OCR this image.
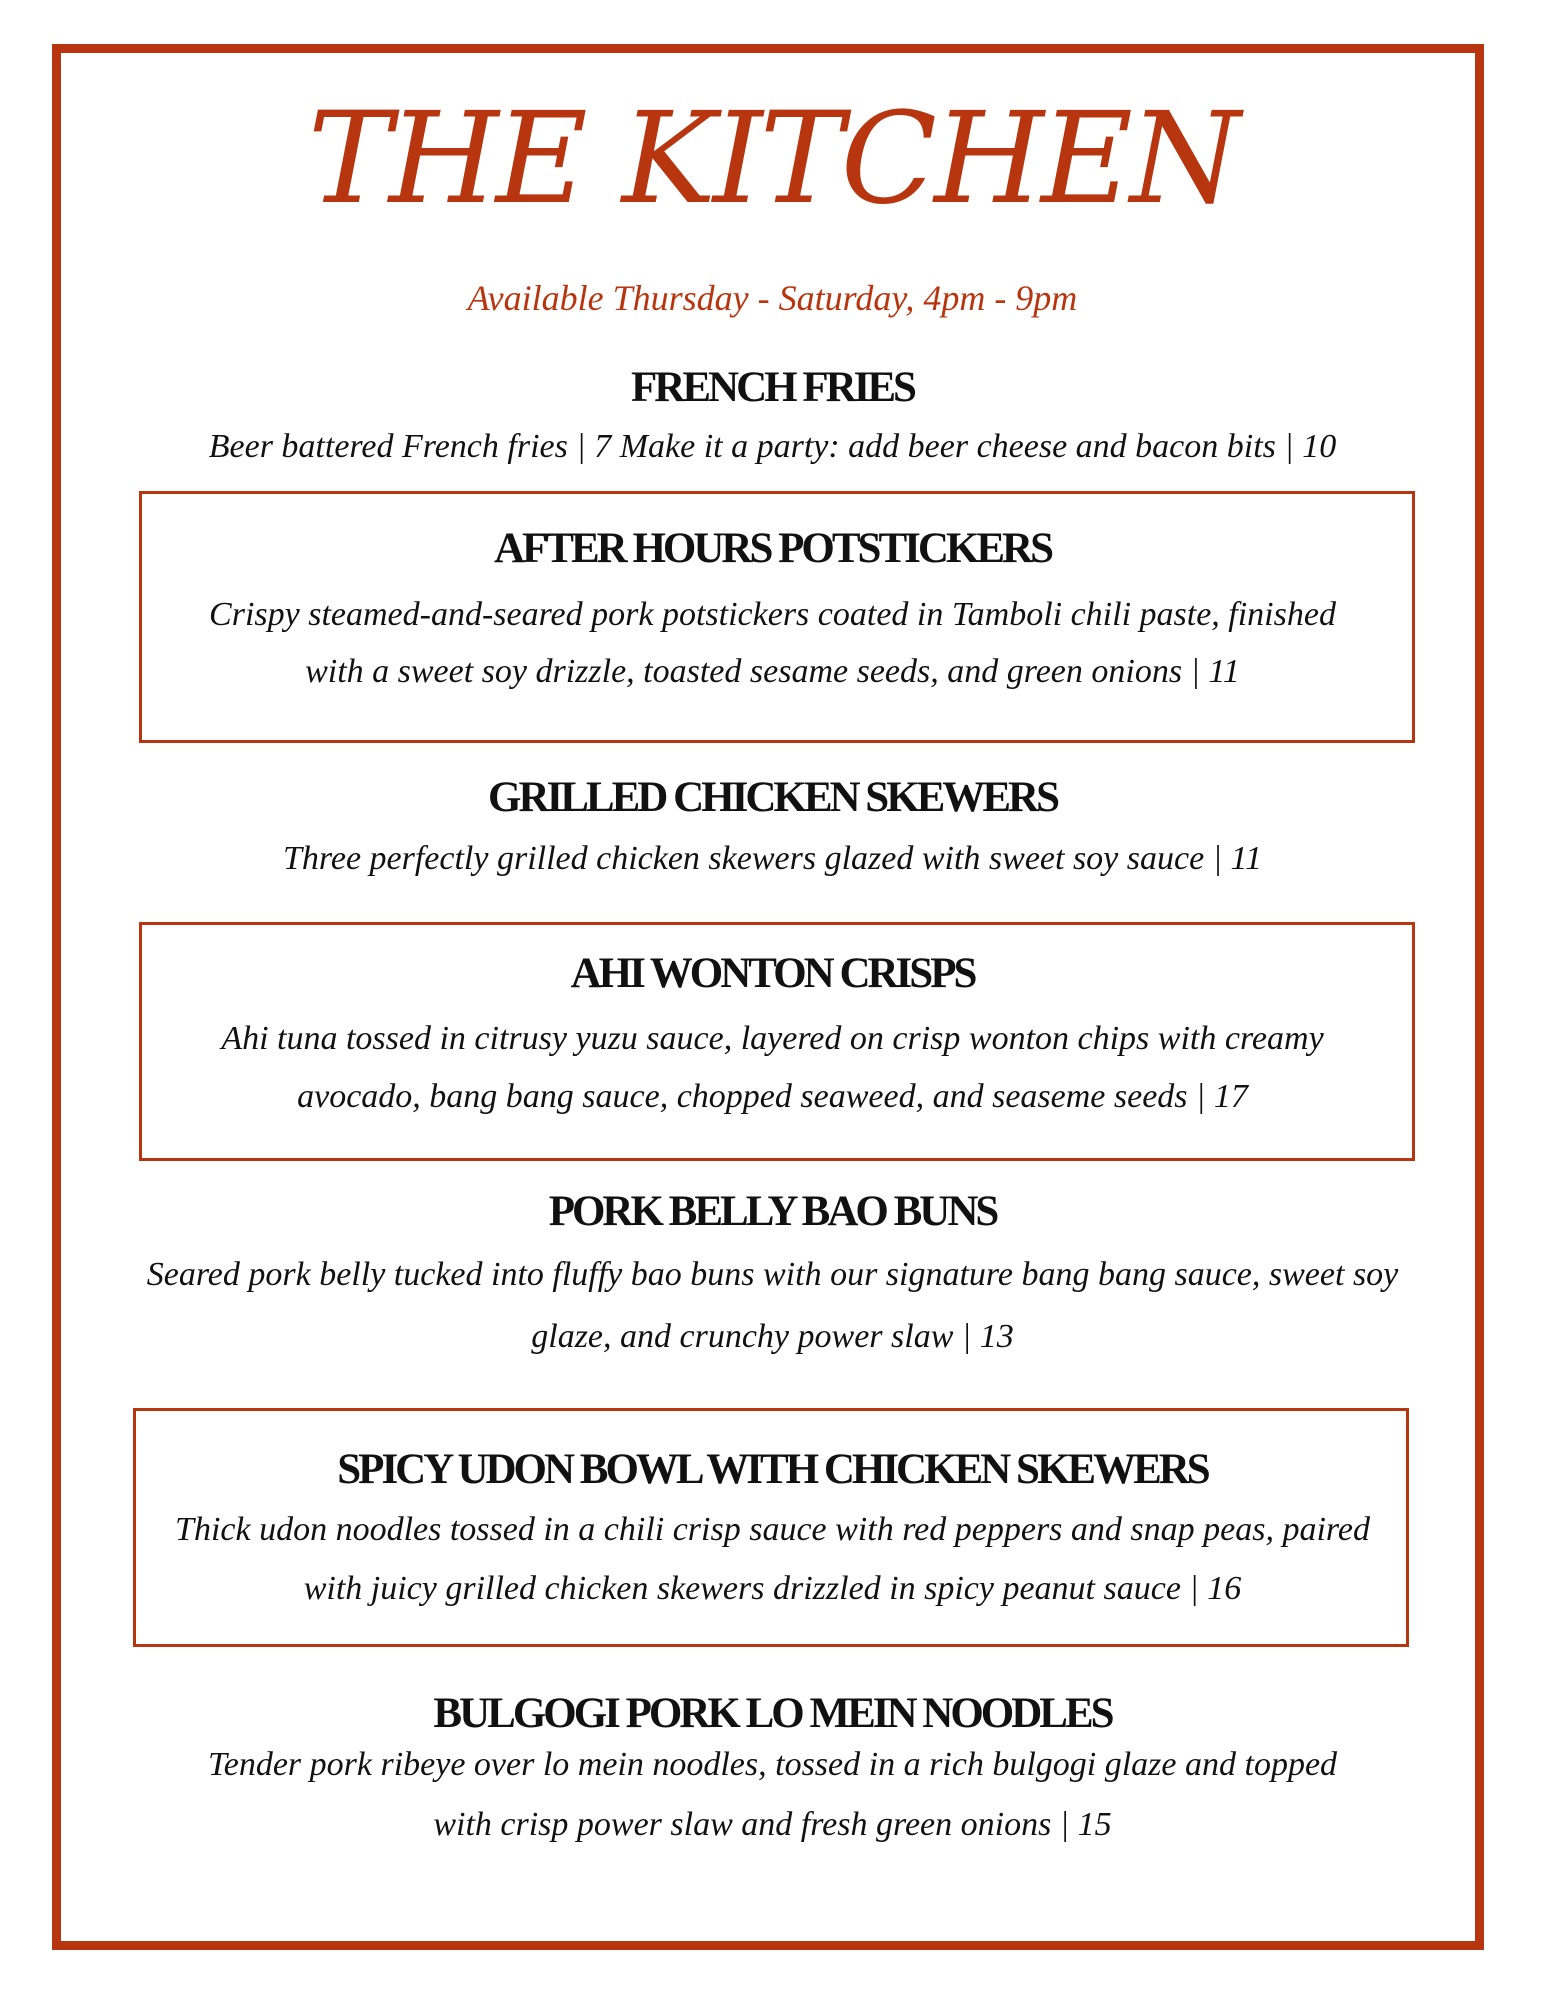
THE KITCHEN
Available Thursday - Saturday, 4pm - 9pm
FRENCH FRIES
Beer battered French fries | 7 Make it a party: add beer cheese and bacon bits | 10
AFTER HOURS POTSTICKERS
Crispy steamed-and-seared pork potstickers coated in Tamboli chili paste, finished
with a sweet soy drizzle, toasted sesame seeds, and green onions | 11
GRILLED CHICKEN SKEWERS
Three perfectly grilled chicken skewers glazed with sweet soy sauce | 11
AHI WONTON CRISPS
Ahi tuna tossed in citrusy yuzu sauce, layered on crisp wonton chips with creamy
avocado, bang bang sauce, chopped seaweed, and seaseme seeds | 17
PORK BELLY BAO BUNS
Seared pork belly tucked into fluffy bao buns with our signature bang bang sauce, sweet soy
glaze, and crunchy power slaw | 13
SPICY UDON BOWL WITH CHICKEN SKEWERS
Thick udon noodles tossed in a chili crisp sauce with red peppers and snap peas, paired
with juicy grilled chicken skewers drizzled in spicy peanut sauce | 16
BULGOGI PORK LO MEIN NOODLES
Tender pork ribeye over lo mein noodles, tossed in a rich bulgogi glaze and topped
with crisp power slaw and fresh green onions | 15
